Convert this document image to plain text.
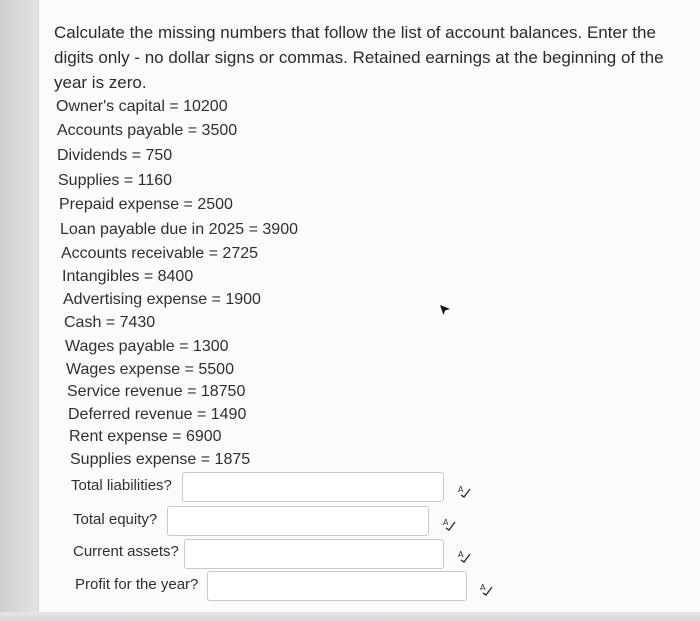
Calculate the missing numbers that follow the list of account balances. Enter the digits only - no dollar signs or commas. Retained earnings at the beginning of the year is zero.
Owner's capital = 10200
Accounts payable = 3500
Dividends = 750
Supplies = 1160
Prepaid expense = 2500
Loan payable due in 2025 = 3900
Accounts receivable = 2725
Intangibles = 8400
Advertising expense = 1900
Cash = 7430
Wages payable = 1300
Wages expense = 5500
Service revenue = 18750
Deferred revenue = 1490
Rent expense = 6900
Supplies expense = 1875
Total liabilities?	A
Total equity?	A
Current assets?	A
Profit for the year?	A
